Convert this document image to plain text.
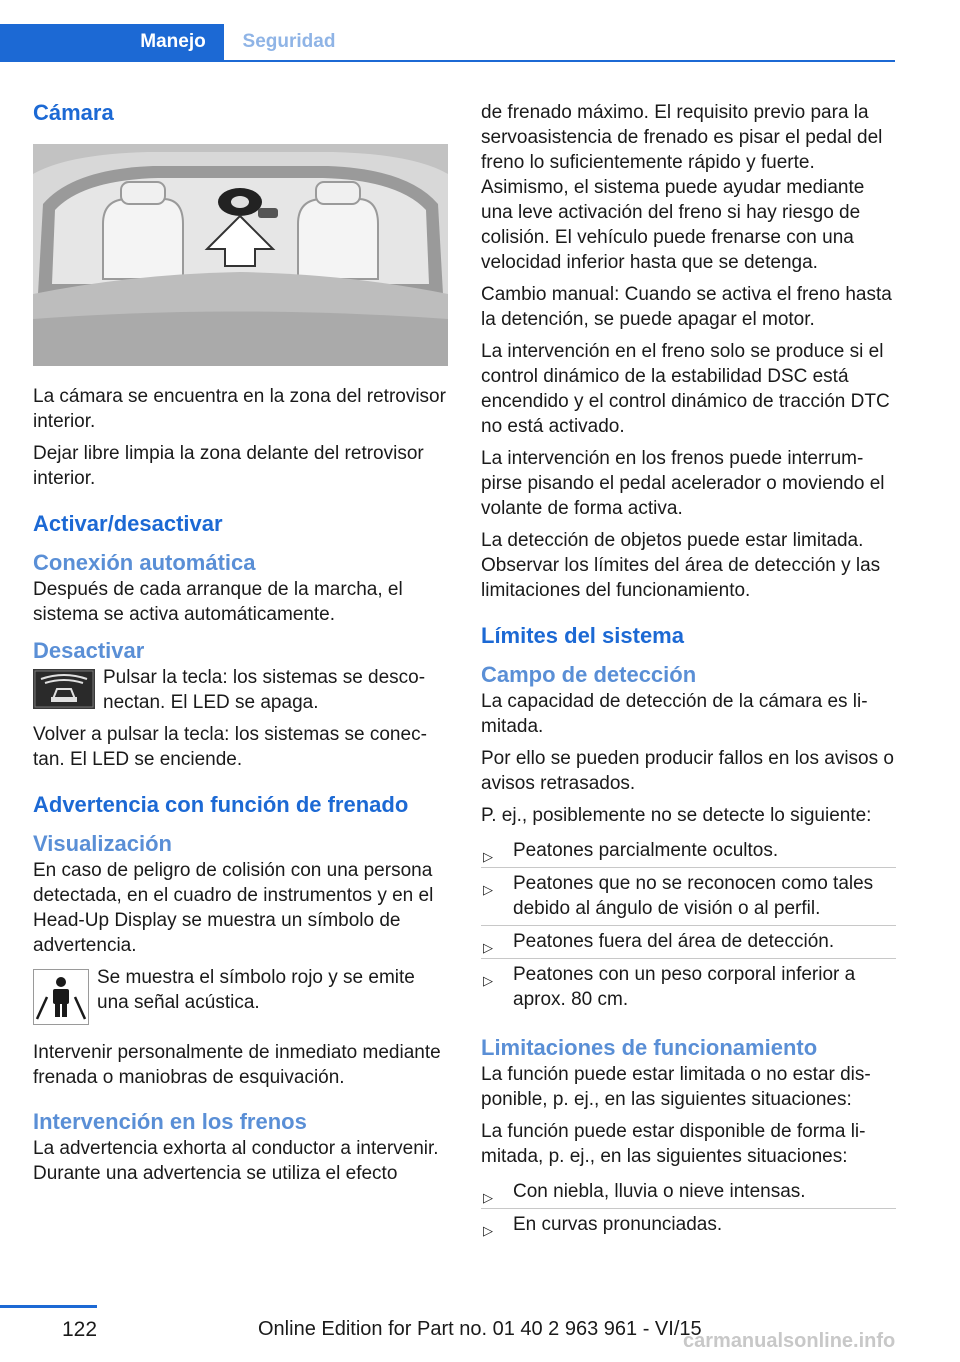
Manejo	Seguridad
Cámara

La cámara se encuentra en la zona del retrovisor interior.

Dejar libre limpia la zona delante del retrovisor interior.

Activar/desactivar
Conexión automática

Después de cada arranque de la marcha, el sistema se activa automáticamente.

Desactivar

Pulsar la tecla: los sistemas se desconectan. El LED se apaga.

Volver a pulsar la tecla: los sistemas se conectan. El LED se enciende.

Advertencia con función de frenado
Visualización

En caso de peligro de colisión con una persona detectada, en el cuadro de instrumentos y en el Head-Up Display se muestra un símbolo de advertencia.

Se muestra el símbolo rojo y se emite una señal acústica.

Intervenir personalmente de inmediato mediante frenada o maniobras de esquivación.

Intervención en los frenos

La advertencia exhorta al conductor a intervenir. Durante una advertencia se utiliza el efecto

de frenado máximo. El requisito previo para la servoasistencia de frenado es pisar el pedal del freno lo suficientemente rápido y fuerte. Asimismo, el sistema puede ayudar mediante una leve activación del freno si hay riesgo de colisión. El vehículo puede frenarse con una velocidad inferior hasta que se detenga.

Cambio manual: Cuando se activa el freno hasta la detención, se puede apagar el motor.

La intervención en el freno solo se produce si el control dinámico de la estabilidad DSC está encendido y el control dinámico de tracción DTC no está activado.

La intervención en los frenos puede interrumpirse pisando el pedal acelerador o moviendo el volante de forma activa.

La detección de objetos puede estar limitada. Observar los límites del área de detección y las limitaciones del funcionamiento.

Límites del sistema
Campo de detección

La capacidad de detección de la cámara es limitada.

Por ello se pueden producir fallos en los avisos o avisos retrasados.

P. ej., posiblemente no se detecte lo siguiente:

▷ Peatones parcialmente ocultos.
▷ Peatones que no se reconocen como tales debido al ángulo de visión o al perfil.
▷ Peatones fuera del área de detección.
▷ Peatones con un peso corporal inferior a aprox. 80 cm.
Limitaciones de funcionamiento

La función puede estar limitada o no estar disponible, p. ej., en las siguientes situaciones:

La función puede estar disponible de forma limitada, p. ej., en las siguientes situaciones:

▷ Con niebla, lluvia o nieve intensas.
▷ En curvas pronunciadas.
122	Online Edition for Part no. 01 40 2 963 961 - VI/15
carmanualsonline.info
